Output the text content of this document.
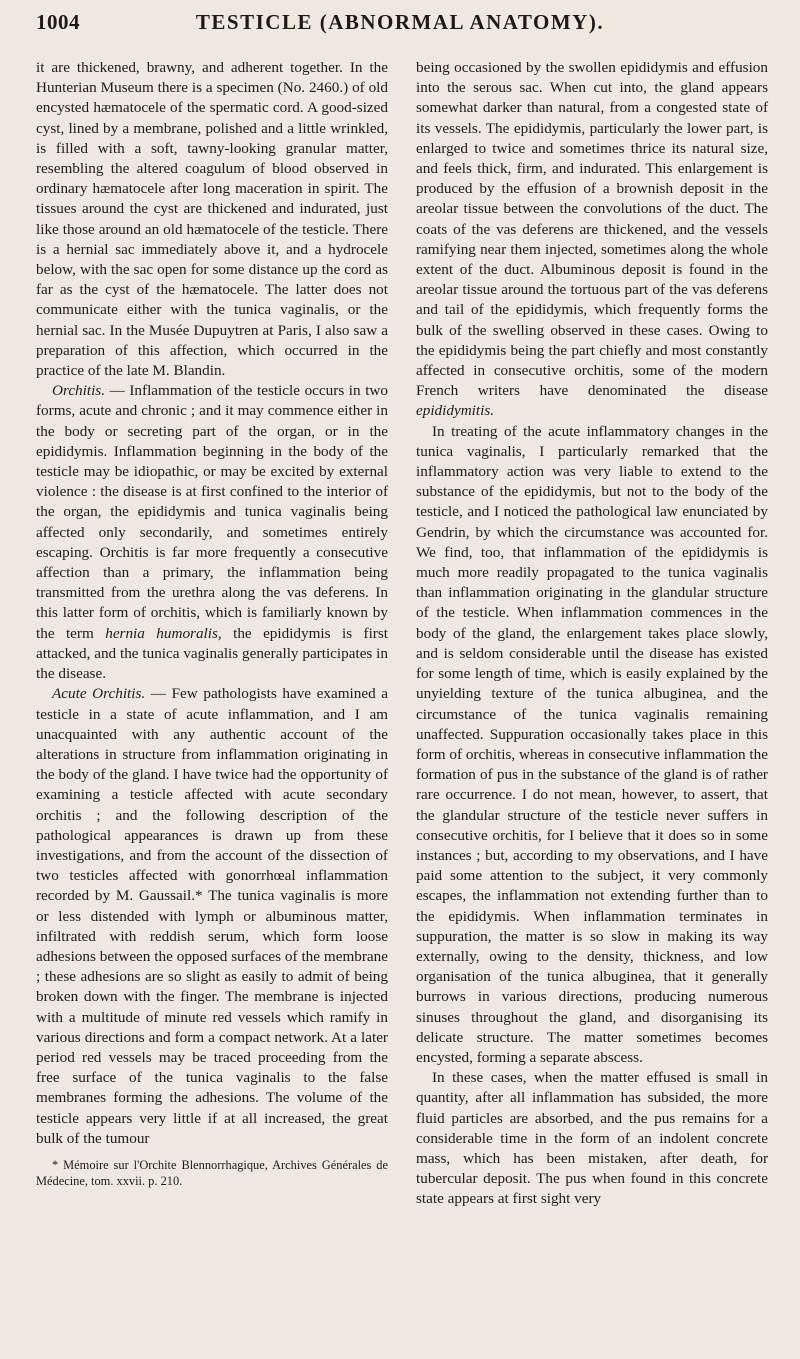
1004	TESTICLE (ABNORMAL ANATOMY).

it are thickened, brawny, and adherent together. In the Hunterian Museum there is a specimen (No. 2460.) of old encysted hæmatocele of the spermatic cord. A good-sized cyst, lined by a membrane, polished and a little wrinkled, is filled with a soft, tawny-looking granular matter, resembling the altered coagulum of blood observed in ordinary hæmatocele after long maceration in spirit. The tissues around the cyst are thickened and indurated, just like those around an old hæmatocele of the testicle. There is a hernial sac immediately above it, and a hydrocele below, with the sac open for some distance up the cord as far as the cyst of the hæmatocele. The latter does not communicate either with the tunica vaginalis, or the hernial sac. In the Musée Dupuytren at Paris, I also saw a preparation of this affection, which occurred in the practice of the late M. Blandin.

Orchitis. — Inflammation of the testicle occurs in two forms, acute and chronic ; and it may commence either in the body or secreting part of the organ, or in the epididymis. Inflammation beginning in the body of the testicle may be idiopathic, or may be excited by external violence : the disease is at first confined to the interior of the organ, the epididymis and tunica vaginalis being affected only secondarily, and sometimes entirely escaping. Orchitis is far more frequently a consecutive affection than a primary, the inflammation being transmitted from the urethra along the vas deferens. In this latter form of orchitis, which is familiarly known by the term hernia humoralis, the epididymis is first attacked, and the tunica vaginalis generally participates in the disease.

Acute Orchitis. — Few pathologists have examined a testicle in a state of acute inflammation, and I am unacquainted with any authentic account of the alterations in structure from inflammation originating in the body of the gland. I have twice had the opportunity of examining a testicle affected with acute secondary orchitis ; and the following description of the pathological appearances is drawn up from these investigations, and from the account of the dissection of two testicles affected with gonorrhœal inflammation recorded by M. Gaussail.* The tunica vaginalis is more or less distended with lymph or albuminous matter, infiltrated with reddish serum, which form loose adhesions between the opposed surfaces of the membrane ; these adhesions are so slight as easily to admit of being broken down with the finger. The membrane is injected with a multitude of minute red vessels which ramify in various directions and form a compact network. At a later period red vessels may be traced proceeding from the free surface of the tunica vaginalis to the false membranes forming the adhesions. The volume of the testicle appears very little if at all increased, the great bulk of the tumour

* Mémoire sur l'Orchite Blennorrhagique, Archives Générales de Médecine, tom. xxvii. p. 210.

being occasioned by the swollen epididymis and effusion into the serous sac. When cut into, the gland appears somewhat darker than natural, from a congested state of its vessels. The epididymis, particularly the lower part, is enlarged to twice and sometimes thrice its natural size, and feels thick, firm, and indurated. This enlargement is produced by the effusion of a brownish deposit in the areolar tissue between the convolutions of the duct. The coats of the vas deferens are thickened, and the vessels ramifying near them injected, sometimes along the whole extent of the duct. Albuminous deposit is found in the areolar tissue around the tortuous part of the vas deferens and tail of the epididymis, which frequently forms the bulk of the swelling observed in these cases. Owing to the epididymis being the part chiefly and most constantly affected in consecutive orchitis, some of the modern French writers have denominated the disease epididymitis.

In treating of the acute inflammatory changes in the tunica vaginalis, I particularly remarked that the inflammatory action was very liable to extend to the substance of the epididymis, but not to the body of the testicle, and I noticed the pathological law enunciated by Gendrin, by which the circumstance was accounted for. We find, too, that inflammation of the epididymis is much more readily propagated to the tunica vaginalis than inflammation originating in the glandular structure of the testicle. When inflammation commences in the body of the gland, the enlargement takes place slowly, and is seldom considerable until the disease has existed for some length of time, which is easily explained by the unyielding texture of the tunica albuginea, and the circumstance of the tunica vaginalis remaining unaffected. Suppuration occasionally takes place in this form of orchitis, whereas in consecutive inflammation the formation of pus in the substance of the gland is of rather rare occurrence. I do not mean, however, to assert, that the glandular structure of the testicle never suffers in consecutive orchitis, for I believe that it does so in some instances ; but, according to my observations, and I have paid some attention to the subject, it very commonly escapes, the inflammation not extending further than to the epididymis. When inflammation terminates in suppuration, the matter is so slow in making its way externally, owing to the density, thickness, and low organisation of the tunica albuginea, that it generally burrows in various directions, producing numerous sinuses throughout the gland, and disorganising its delicate structure. The matter sometimes becomes encysted, forming a separate abscess.

In these cases, when the matter effused is small in quantity, after all inflammation has subsided, the more fluid particles are absorbed, and the pus remains for a considerable time in the form of an indolent concrete mass, which has been mistaken, after death, for tubercular deposit. The pus when found in this concrete state appears at first sight very
